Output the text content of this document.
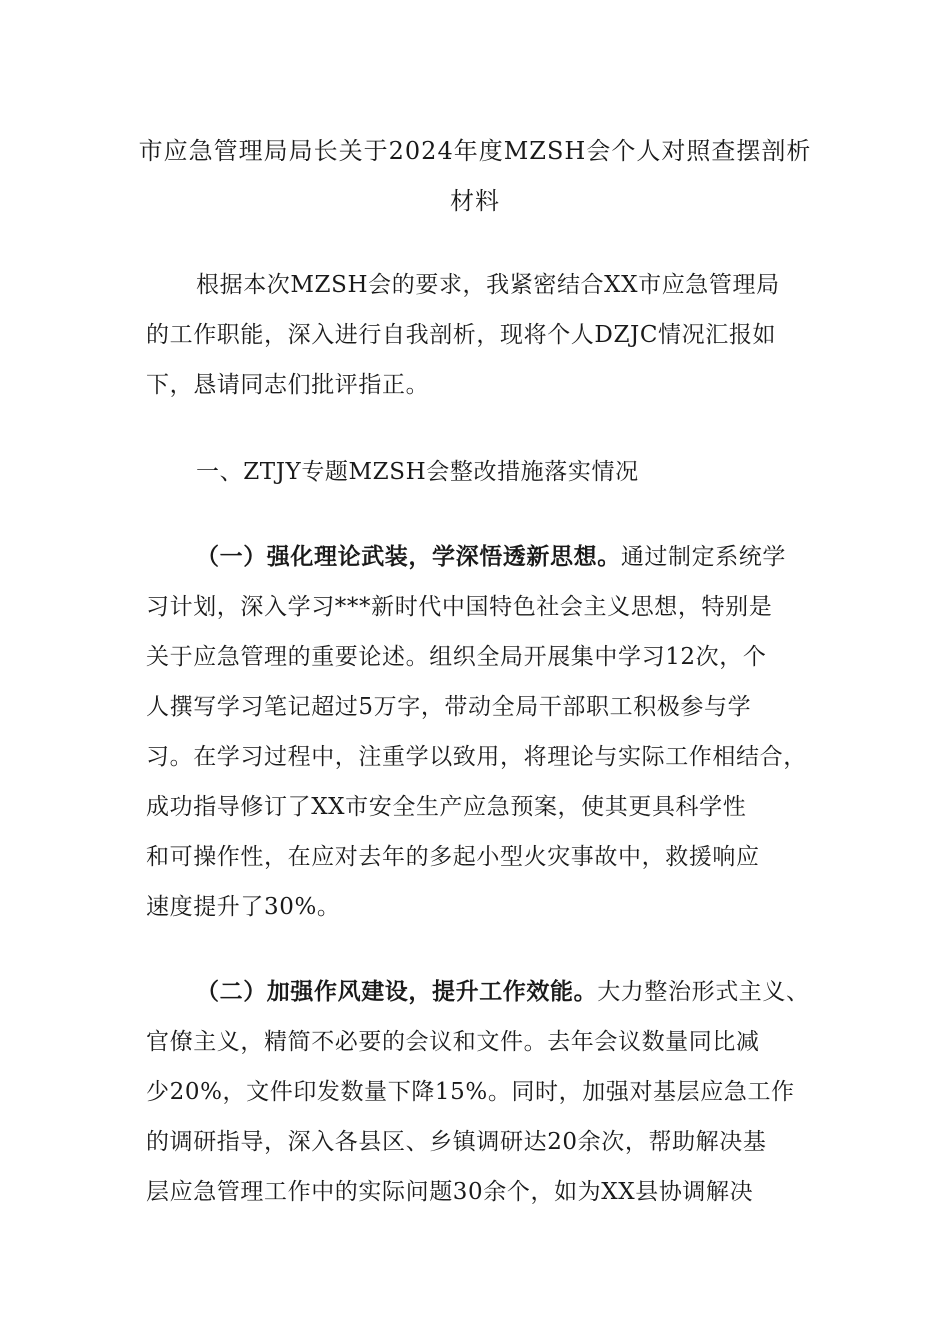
市应急管理局局长关于2024年度MZSH会个人对照查摆剖析
材料
根据本次MZSH会的要求，我紧密结合XX市应急管理局
的工作职能，深入进行自我剖析，现将个人DZJC情况汇报如
下，恳请同志们批评指正。
一、ZTJY专题MZSH会整改措施落实情况
（一）强化理论武装，学深悟透新思想。通过制定系统学
习计划，深入学习***新时代中国特色社会主义思想，特别是
关于应急管理的重要论述。组织全局开展集中学习12次，个
人撰写学习笔记超过5万字，带动全局干部职工积极参与学
习。在学习过程中，注重学以致用，将理论与实际工作相结合，
成功指导修订了XX市安全生产应急预案，使其更具科学性
和可操作性，在应对去年的多起小型火灾事故中，救援响应
速度提升了30%。
（二）加强作风建设，提升工作效能。大力整治形式主义、
官僚主义，精简不必要的会议和文件。去年会议数量同比减
少20%，文件印发数量下降15%。同时，加强对基层应急工作
的调研指导，深入各县区、乡镇调研达20余次，帮助解决基
层应急管理工作中的实际问题30余个，如为XX县协调解决
